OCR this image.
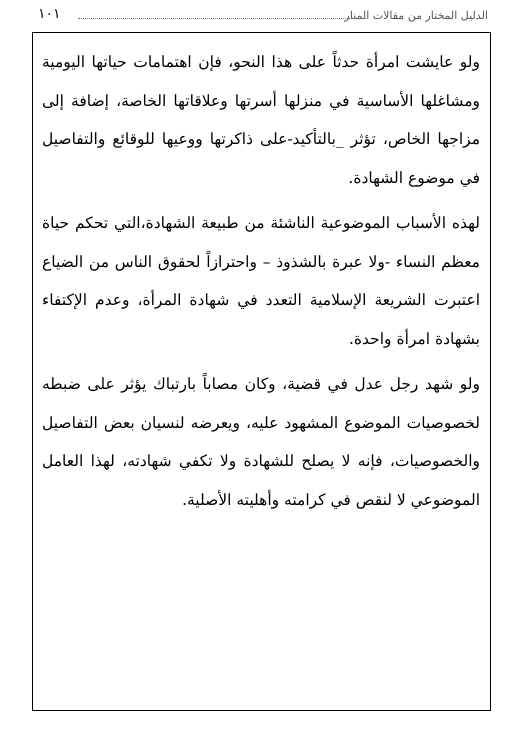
الدليل المختار من مقالات المنار
١٠١

ولو عايشت امرأة حدثاً على هذا النحو، فإن اهتمامات حياتها اليومية ومشاغلها الأساسية في منزلها أسرتها وعلاقاتها الخاصة، إضافة إلى مزاجها الخاص، تؤثر _بالتأكيد-على ذاكرتها ووعيها للوقائع والتفاصيل في موضوع الشهادة.

لهذه الأسباب الموضوعية الناشئة من طبيعة الشهادة،التي تحكم حياة معظم النساء -ولا عبرة بالشذوذ – واحترازاً لحقوق الناس من الضياع اعتبرت الشريعة الإسلامية التعدد في شهادة المرأة، وعدم الإكتفاء بشهادة امرأة واحدة.

ولو شهد رجل عدل في قضية، وكان مصاباً بارتباك يؤثر على ضبطه لخصوصيات الموضوع المشهود عليه، ويعرضه لنسيان بعض التفاصيل والخصوصيات، فإنه لا يصلح للشهادة ولا تكفي شهادته، لهذا العامل الموضوعي لا لنقص في كرامته وأهليته الأصلية.
